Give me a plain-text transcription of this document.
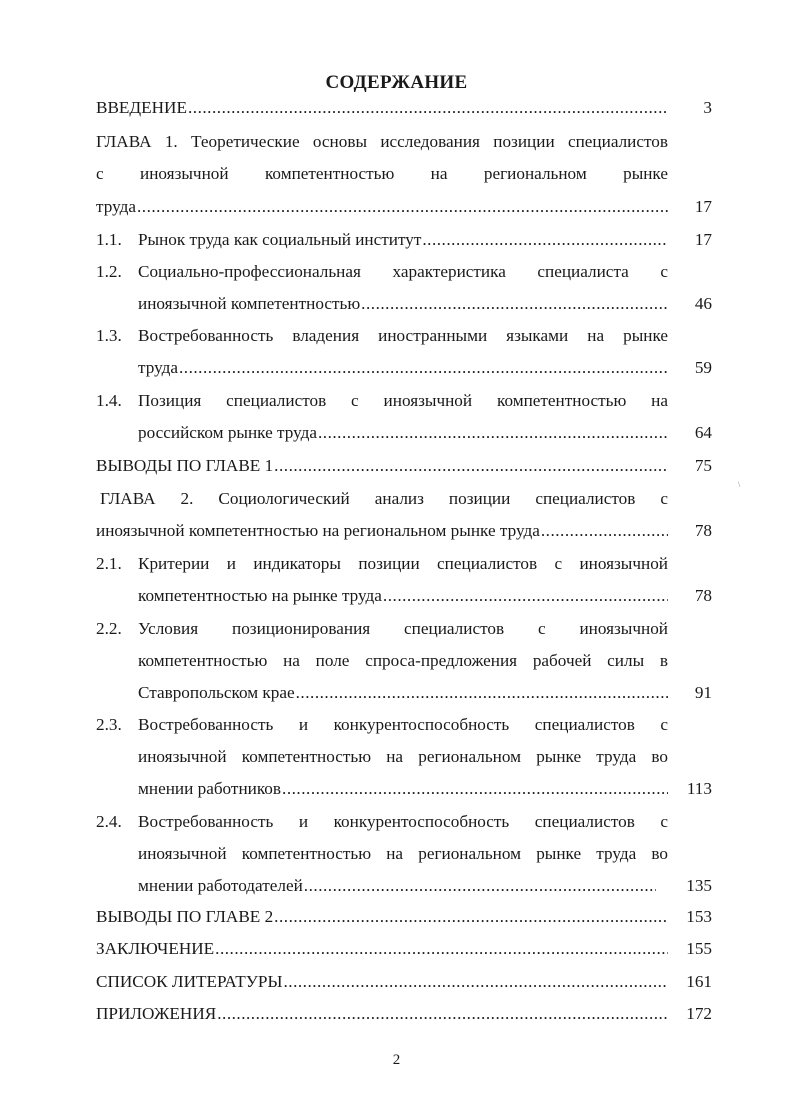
СОДЕРЖАНИЕ
ВВЕДЕНИЕ .....	3
ГЛАВА 1. Теоретические основы исследования позиции специалистов
с иноязычной компетентностью на региональном рынке
труда .....	17
1.1. Рынок труда как социальный институт .....	17
1.2. Социально-профессиональная характеристика специалиста с
иноязычной компетентностью .....	46
1.3. Востребованность владения иностранными языками на рынке
труда .....	59
1.4. Позиция специалистов с иноязычной компетентностью на
российском рынке труда .....	64
ВЫВОДЫ ПО ГЛАВЕ 1 .....	75
ГЛАВА 2. Социологический анализ позиции специалистов с
иноязычной компетентностью на региональном рынке труда .....	78
2.1. Критерии и индикаторы позиции специалистов с иноязычной
компетентностью на рынке труда .....	78
2.2. Условия позиционирования специалистов с иноязычной
компетентностью на поле спроса-предложения рабочей силы в
Ставропольском крае .....	91
2.3. Востребованность и конкурентоспособность специалистов с
иноязычной компетентностью на региональном рынке труда во
мнении работников .....	113
2.4. Востребованность и конкурентоспособность специалистов с
иноязычной компетентностью на региональном рынке труда во
мнении работодателей .....	135
ВЫВОДЫ ПО ГЛАВЕ 2 .....	153
ЗАКЛЮЧЕНИЕ .....	155
СПИСОК ЛИТЕРАТУРЫ .....	161
ПРИЛОЖЕНИЯ .....	172
\
2
